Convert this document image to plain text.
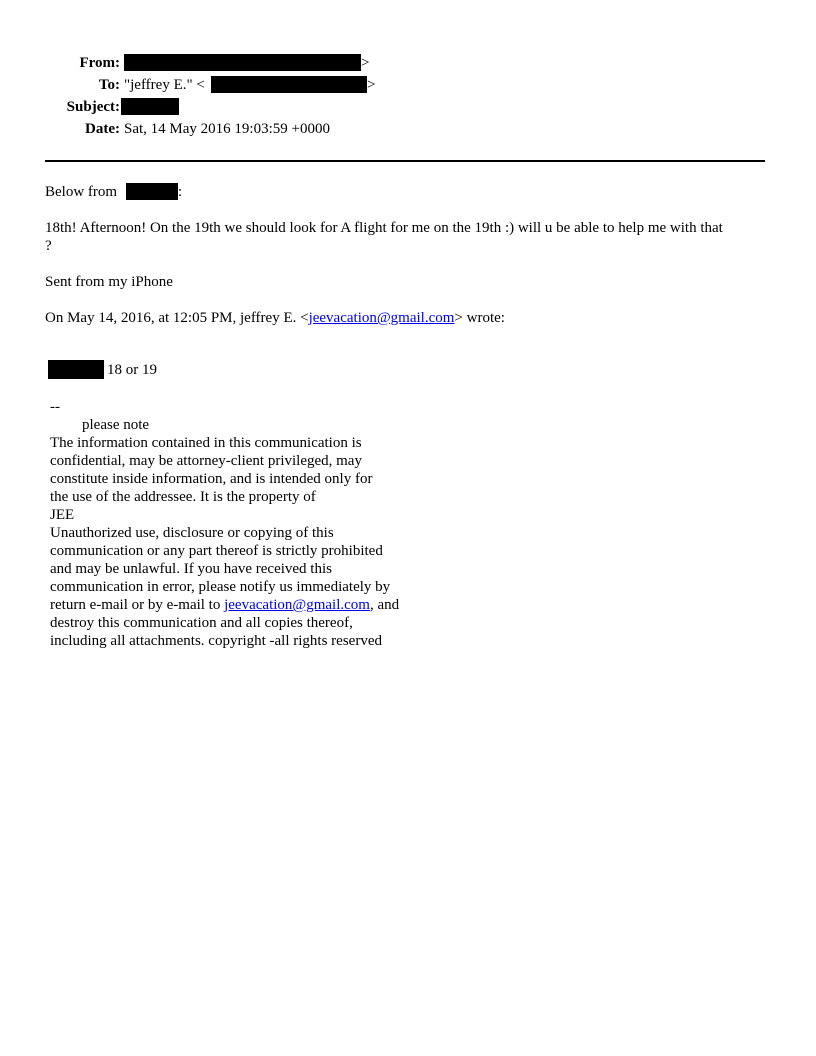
From:	>
To: "jeffrey E." <	>
Subject:
Date: Sat, 14 May 2016 19:03:59 +0000
Below from	:
18th! Afternoon! On the 19th we should look for A flight for me on the 19th :) will u be able to help me with that
?
Sent from my iPhone
On May 14, 2016, at 12:05 PM, jeffrey E. <jeevacation@gmail.com> wrote:
18 or 19
--
please note
The information contained in this communication is
confidential, may be attorney-client privileged, may
constitute inside information, and is intended only for
the use of the addressee. It is the property of
JEE
Unauthorized use, disclosure or copying of this
communication or any part thereof is strictly prohibited
and may be unlawful. If you have received this
communication in error, please notify us immediately by
return e-mail or by e-mail to jeevacation@gmail.com, and
destroy this communication and all copies thereof,
including all attachments. copyright -all rights reserved
